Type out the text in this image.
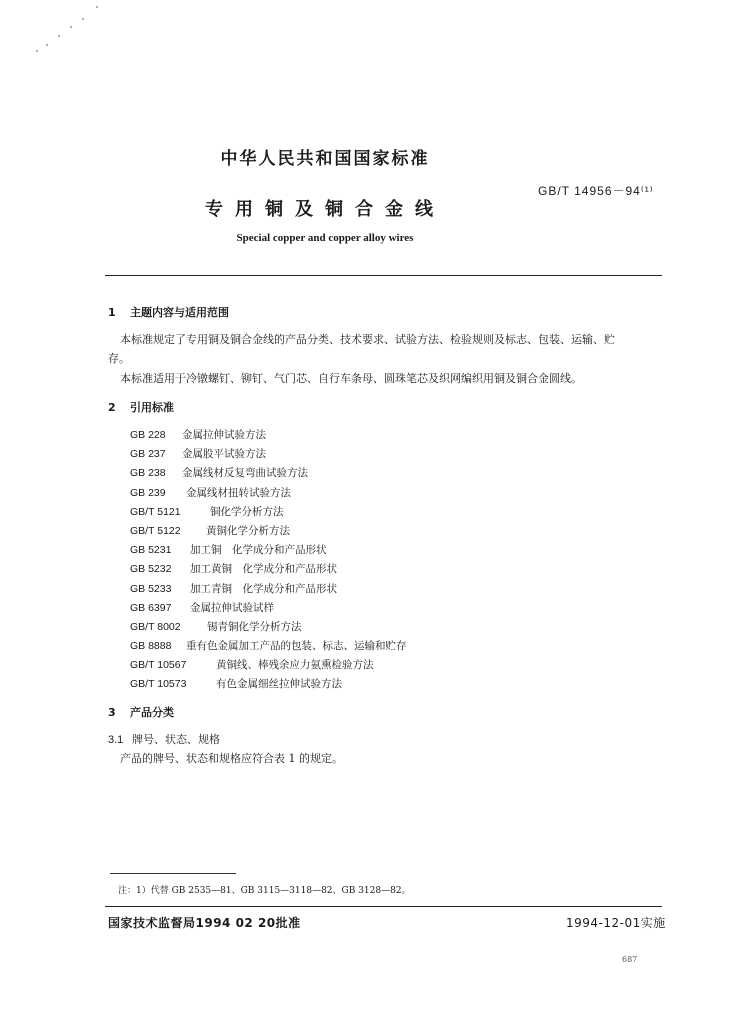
中华人民共和国国家标准
GB/T 14956－94⁽¹⁾
专用铜及铜合金线
Special copper and copper alloy wires
1 主题内容与适用范围
本标准规定了专用铜及铜合金线的产品分类、技术要求、试验方法、检验规则及标志、包装、运输、贮
存。
本标准适用于冷镦螺钉、铆钉、气门芯、自行车条母、圆珠笔芯及织网编织用铜及铜合金圆线。
2 引用标准
GB 228 金属拉伸试验方法
GB 237 金属股平试验方法
GB 238 金属线材反复弯曲试验方法
GB 239 金属线材扭转试验方法
GB/T 5121	铜化学分析方法
GB/T 5122 黄铜化学分析方法
GB 5231 加工铜　化学成分和产品形状
GB 5232 加工黄铜　化学成分和产品形状
GB 5233 加工青铜　化学成分和产品形状
GB 6397 金属拉伸试验试样
GB/T 8002	锡青铜化学分析方法
GB 8888 重有色金属加工产品的包装、标志、运输和贮存
GB/T 10567	黄铜线、棒残余应力氨熏检验方法
GB/T 10573	有色金属细丝拉伸试验方法
3 产品分类
3.1 牌号、状态、规格
产品的牌号、状态和规格应符合表 1 的规定。
注：1）代替 GB 2535—81、GB 3115—3118—82、GB 3128—82。
国家技术监督局1994 02 20批准	1994-12-01实施
687
